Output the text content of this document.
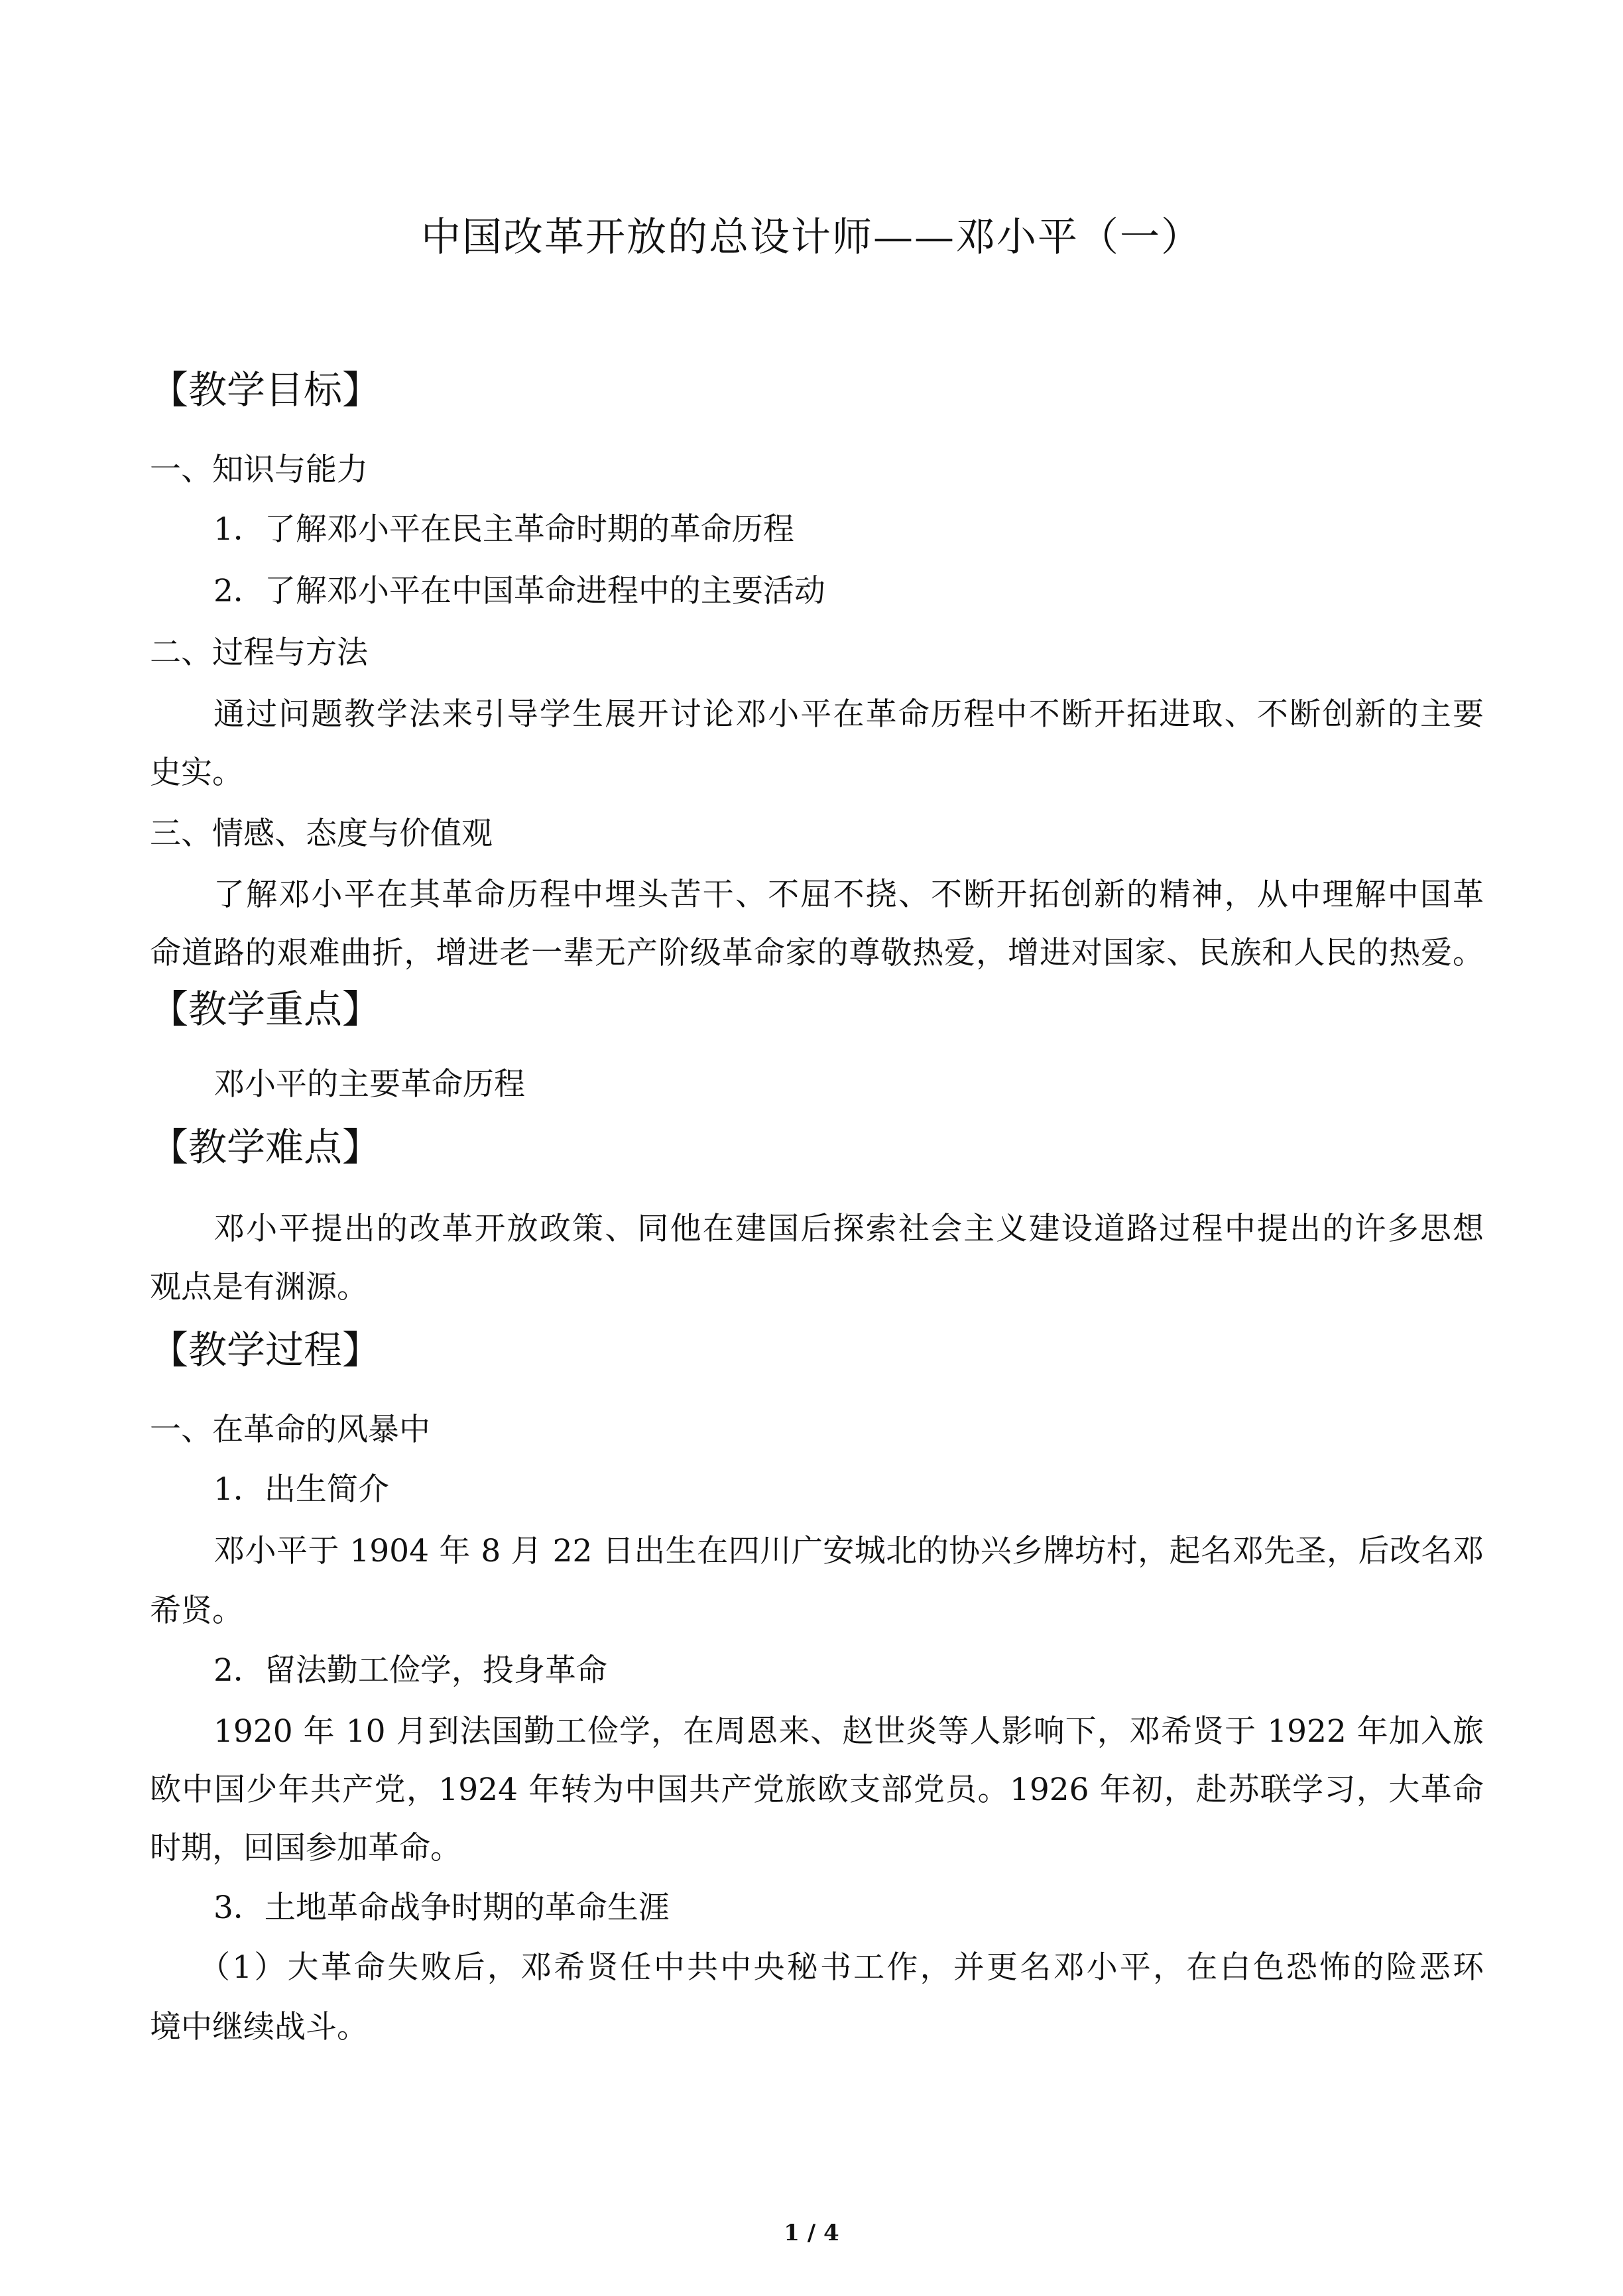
中国改革开放的总设计师——邓小平（一）
【教学目标】
一、知识与能力
1．了解邓小平在民主革命时期的革命历程
2．了解邓小平在中国革命进程中的主要活动
二、过程与方法
通过问题教学法来引导学生展开讨论邓小平在革命历程中不断开拓进取、不断创新的主要
史实。
三、情感、态度与价值观
了解邓小平在其革命历程中埋头苦干、不屈不挠、不断开拓创新的精神，从中理解中国革
命道路的艰难曲折，增进老一辈无产阶级革命家的尊敬热爱，增进对国家、民族和人民的热爱。
【教学重点】
邓小平的主要革命历程
【教学难点】
邓小平提出的改革开放政策、同他在建国后探索社会主义建设道路过程中提出的许多思想
观点是有渊源。
【教学过程】
一、在革命的风暴中
1．出生简介
邓小平于 1904 年 8 月 22 日出生在四川广安城北的协兴乡牌坊村，起名邓先圣，后改名邓
希贤。
2．留法勤工俭学，投身革命
1920 年 10 月到法国勤工俭学，在周恩来、赵世炎等人影响下，邓希贤于 1922 年加入旅
欧中国少年共产党，1924 年转为中国共产党旅欧支部党员。1926 年初，赴苏联学习，大革命
时期，回国参加革命。
3．土地革命战争时期的革命生涯
（1）大革命失败后，邓希贤任中共中央秘书工作，并更名邓小平，在白色恐怖的险恶环
境中继续战斗。
1 / 4
